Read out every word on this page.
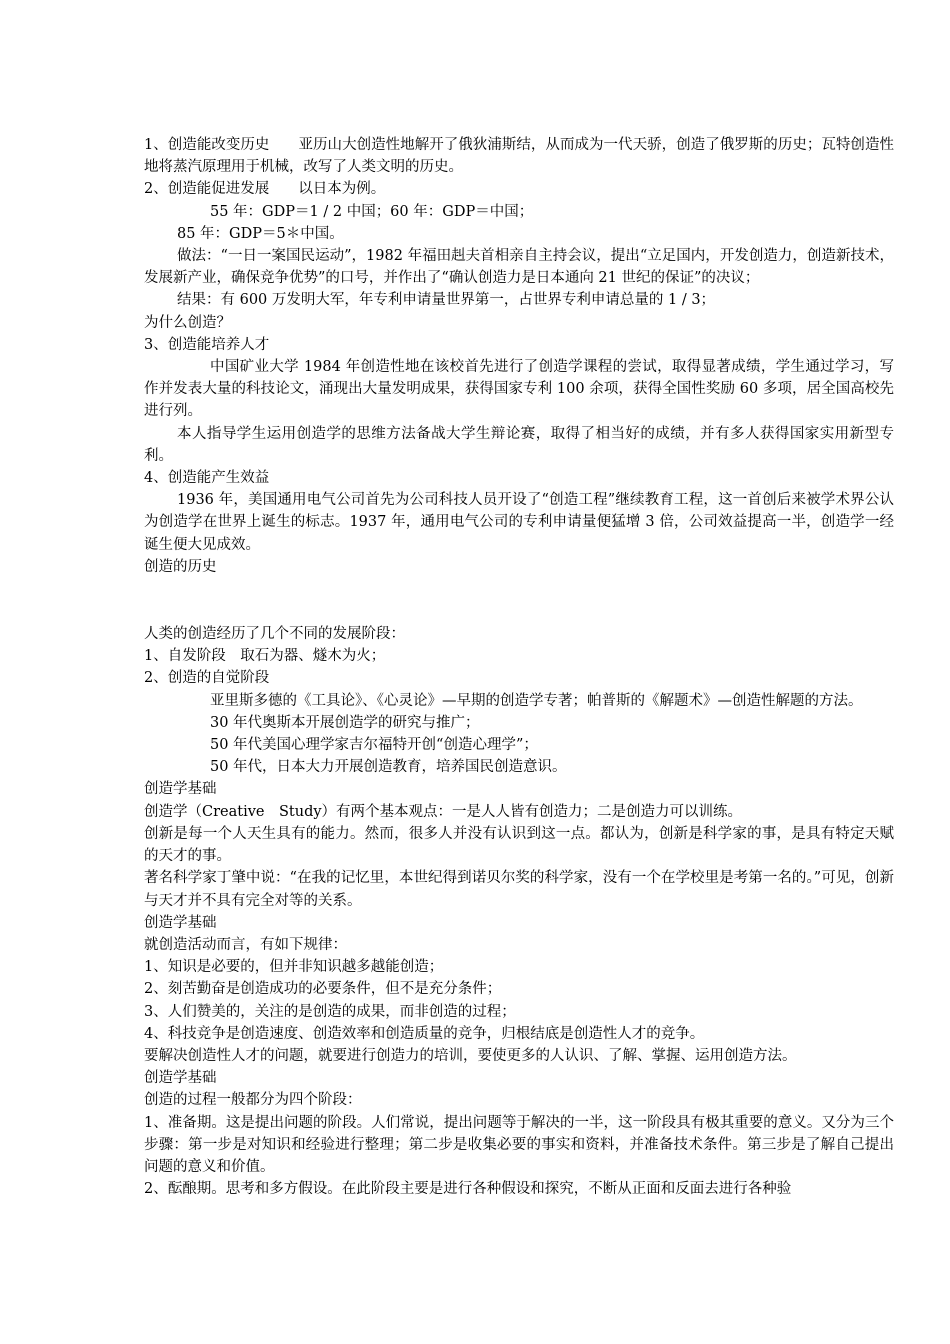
1、创造能改变历史　　亚历山大创造性地解开了俄狄浦斯结，从而成为一代天骄，创造了俄罗斯的历史；瓦特创造性地将蒸汽原理用于机械，改写了人类文明的历史。

2、创造能促进发展　　以日本为例。

55 年：GDP＝1 / 2 中国；60 年：GDP＝中国；

85 年：GDP＝5＊中国。

做法：“一日一案国民运动”，1982 年福田赳夫首相亲自主持会议，提出“立足国内，开发创造力，创造新技术，发展新产业，确保竞争优势”的口号，并作出了“确认创造力是日本通向 21 世纪的保证”的决议；

结果：有 600 万发明大军，年专利申请量世界第一，占世界专利申请总量的 1 / 3；

为什么创造？

3、创造能培养人才

中国矿业大学 1984 年创造性地在该校首先进行了创造学课程的尝试，取得显著成绩，学生通过学习，写作并发表大量的科技论文，涌现出大量发明成果，获得国家专利 100 余项，获得全国性奖励 60 多项，居全国高校先进行列。

本人指导学生运用创造学的思维方法备战大学生辩论赛，取得了相当好的成绩，并有多人获得国家实用新型专利。

4、创造能产生效益

1936 年，美国通用电气公司首先为公司科技人员开设了“创造工程”继续教育工程，这一首创后来被学术界公认为创造学在世界上诞生的标志。1937 年，通用电气公司的专利申请量便猛增 3 倍，公司效益提高一半，创造学一经诞生便大见成效。

创造的历史

人类的创造经历了几个不同的发展阶段：

1、自发阶段　取石为器、燧木为火；

2、创造的自觉阶段

亚里斯多德的《工具论》、《心灵论》—早期的创造学专著；帕普斯的《解题术》—创造性解题的方法。

30 年代奥斯本开展创造学的研究与推广；

50 年代美国心理学家吉尔福特开创“创造心理学”；

50 年代，日本大力开展创造教育，培养国民创造意识。

创造学基础

创造学（Creative　Study）有两个基本观点：一是人人皆有创造力；二是创造力可以训练。

创新是每一个人天生具有的能力。然而，很多人并没有认识到这一点。都认为，创新是科学家的事，是具有特定天赋的天才的事。

著名科学家丁肇中说：“在我的记忆里，本世纪得到诺贝尔奖的科学家，没有一个在学校里是考第一名的。”可见，创新与天才并不具有完全对等的关系。

创造学基础

就创造活动而言，有如下规律：

1、知识是必要的，但并非知识越多越能创造；

2、刻苦勤奋是创造成功的必要条件，但不是充分条件；

3、人们赞美的，关注的是创造的成果，而非创造的过程；

4、科技竞争是创造速度、创造效率和创造质量的竞争，归根结底是创造性人才的竞争。

要解决创造性人才的问题，就要进行创造力的培训，要使更多的人认识、了解、掌握、运用创造方法。

创造学基础

创造的过程一般都分为四个阶段：

1、准备期。这是提出问题的阶段。人们常说，提出问题等于解决的一半，这一阶段具有极其重要的意义。又分为三个步骤：第一步是对知识和经验进行整理；第二步是收集必要的事实和资料，并准备技术条件。第三步是了解自己提出问题的意义和价值。

2、酝酿期。思考和多方假设。在此阶段主要是进行各种假设和探究，不断从正面和反面去进行各种验
